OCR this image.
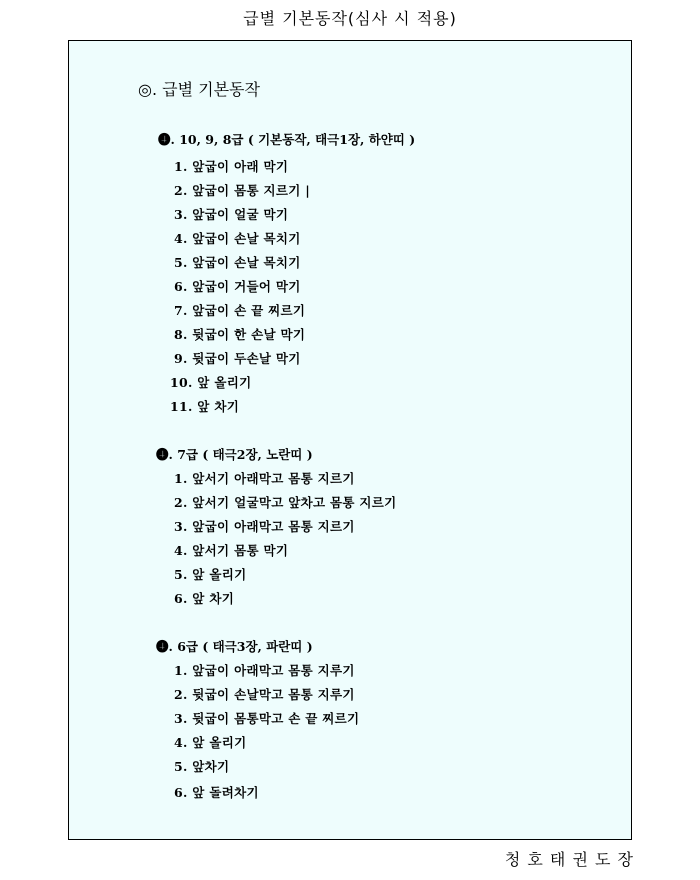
급별 기본동작(심사 시 적용)
◎. 급별 기본동작
❹. 10, 9, 8급 ( 기본동작, 태극1장, 하얀띠 )
1. 앞굽이 아래 막기
2. 앞굽이 몸통 지르기 |
3. 앞굽이 얼굴 막기
4. 앞굽이 손날 목치기
5. 앞굽이 손날 목치기
6. 앞굽이 거들어 막기
7. 앞굽이 손 끝 찌르기
8. 뒷굽이 한 손날 막기
9. 뒷굽이 두손날 막기
10. 앞 올리기
11. 앞 차기
❹. 7급 ( 태극2장, 노란띠 )
1. 앞서기 아래막고 몸통 지르기
2. 앞서기 얼굴막고 앞차고 몸통 지르기
3. 앞굽이 아래막고 몸통 지르기
4. 앞서기 몸통 막기
5. 앞 올리기
6. 앞 차기
❹. 6급 ( 태극3장, 파란띠 )
1. 앞굽이 아래막고 몸통 지루기
2. 뒷굽이 손날막고 몸통 지루기
3. 뒷굽이 몸통막고 손 끝 찌르기
4. 앞 올리기
5. 앞차기
6. 앞 돌려차기
청 호 태 권 도 장
